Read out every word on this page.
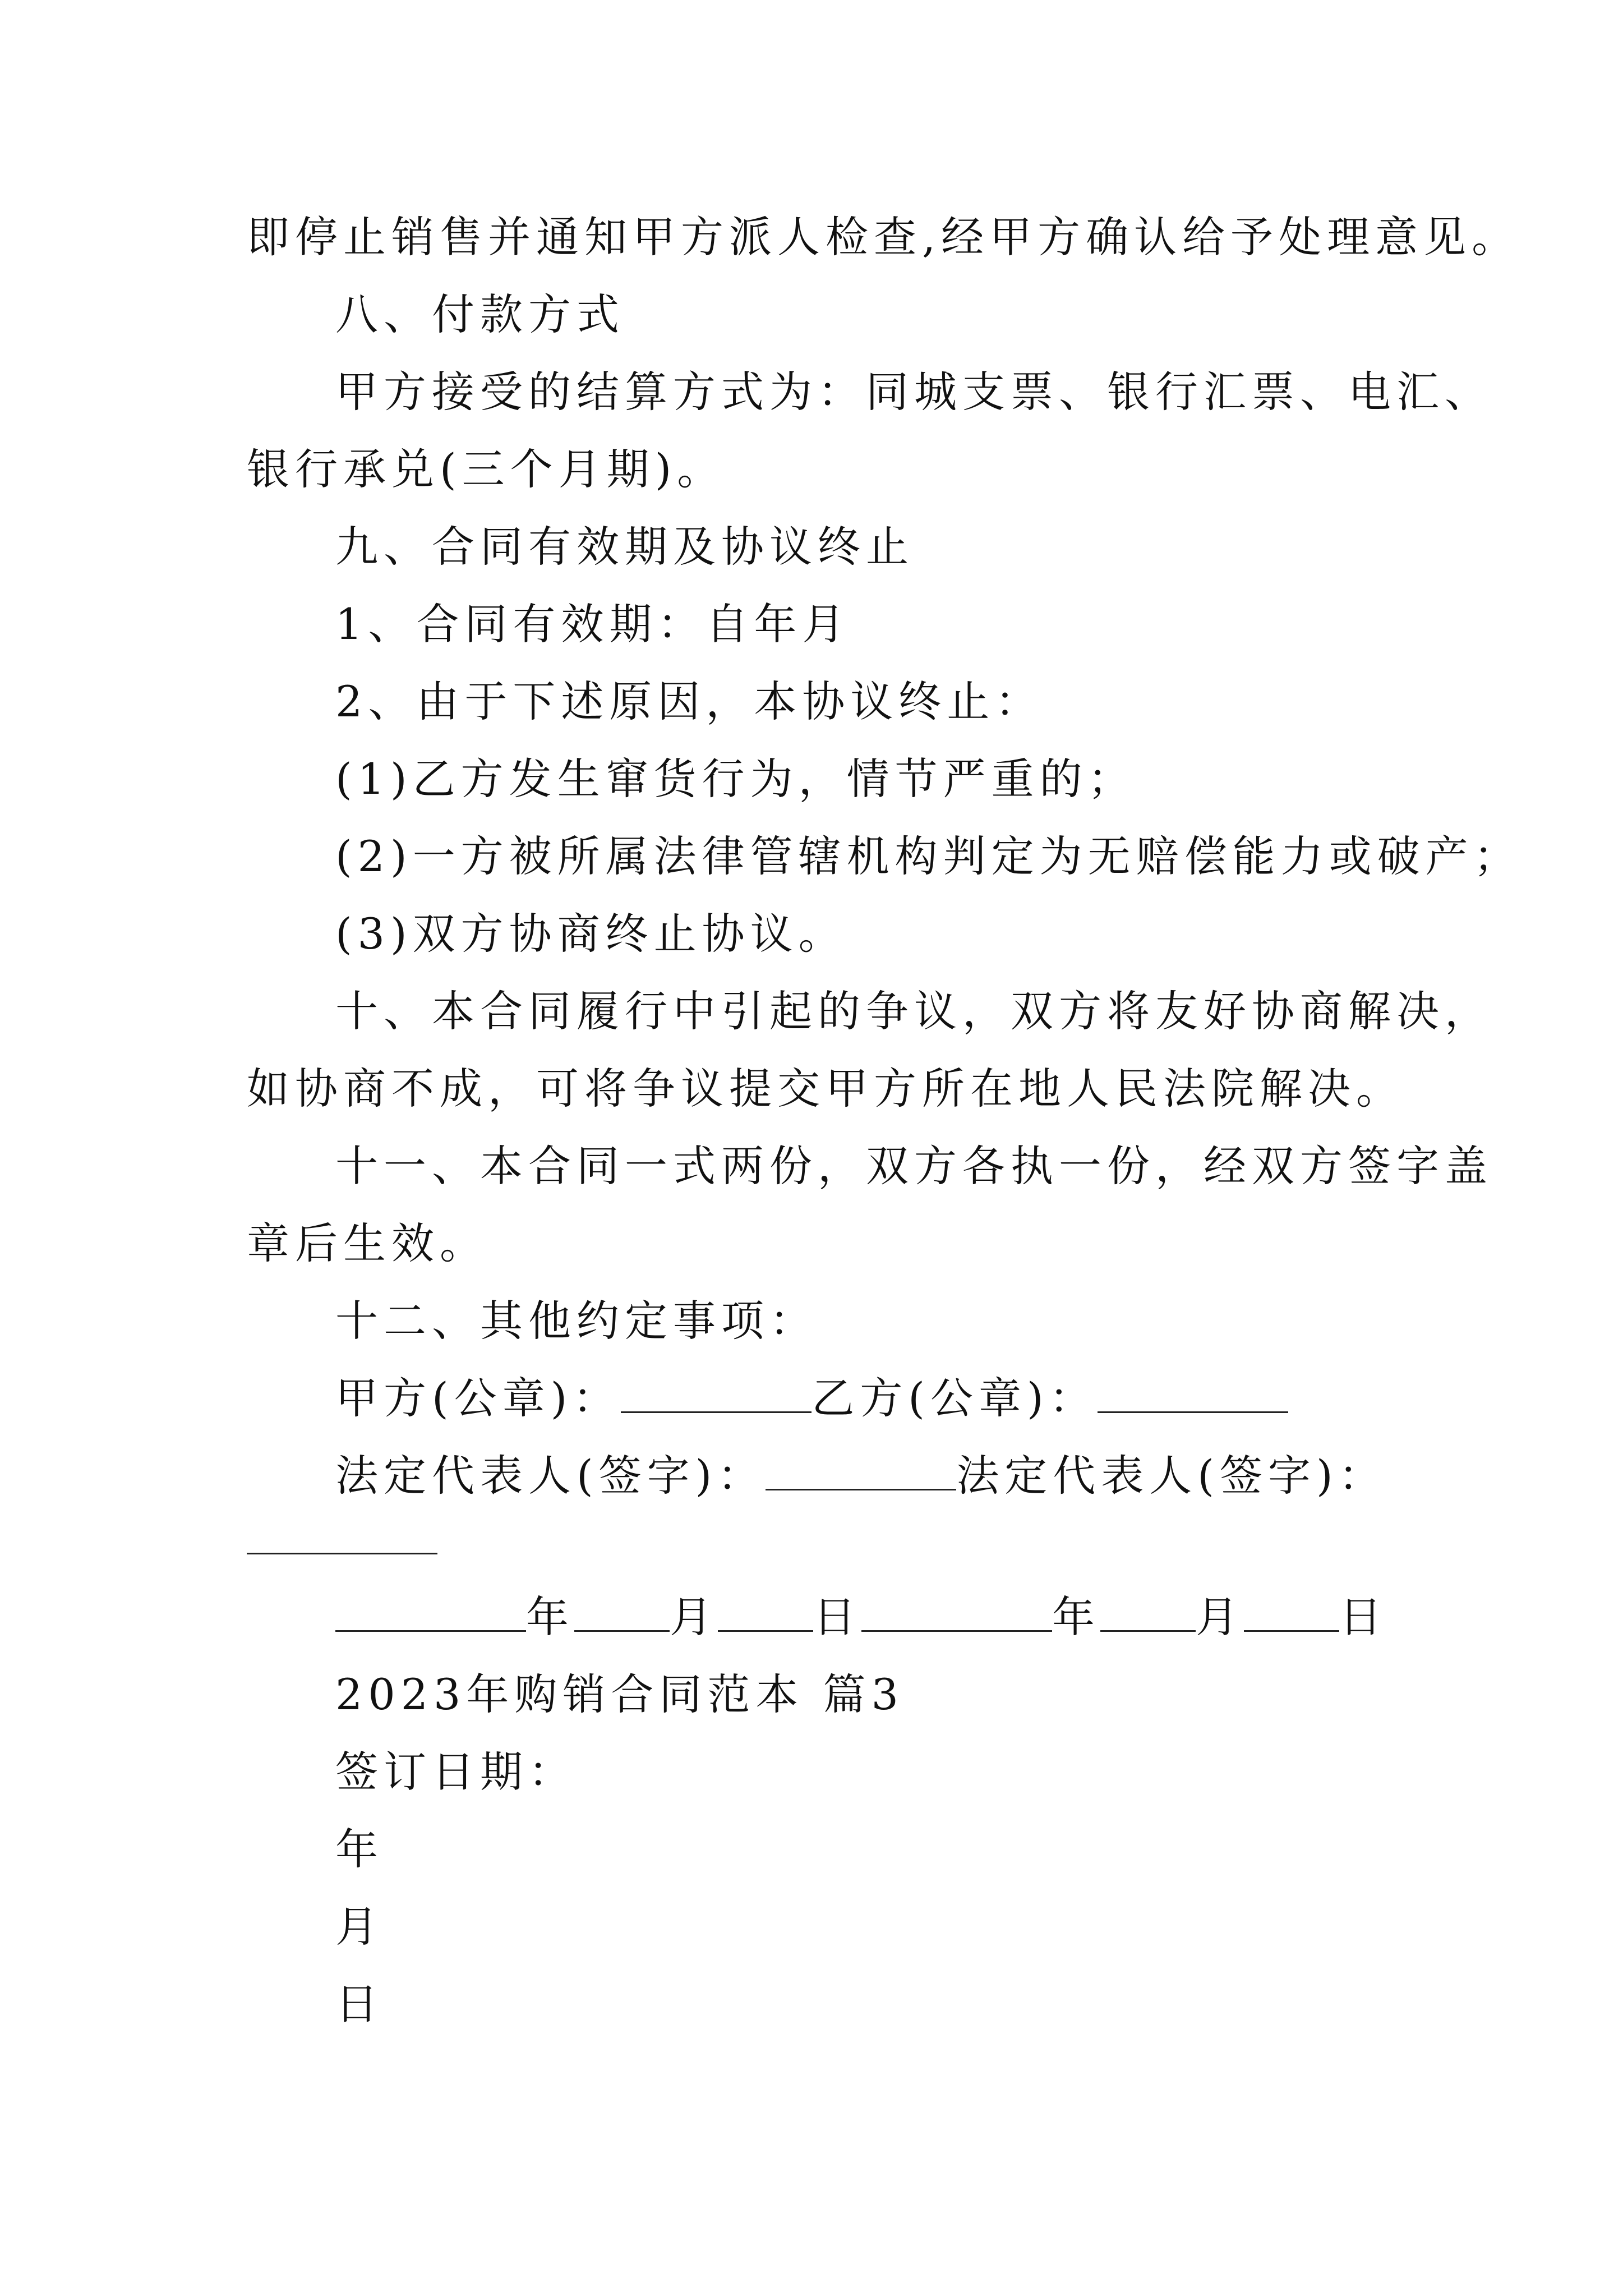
即停止销售并通知甲方派人检查,经甲方确认给予处理意见。
八、付款方式
甲方接受的结算方式为：同城支票、银行汇票、电汇、
银行承兑(三个月期)。
九、合同有效期及协议终止
1、合同有效期：自年月
2、由于下述原因，本协议终止：
(1)乙方发生窜货行为，情节严重的；
(2)一方被所属法律管辖机构判定为无赔偿能力或破产；
(3)双方协商终止协议。
十、本合同履行中引起的争议，双方将友好协商解决，
如协商不成，可将争议提交甲方所在地人民法院解决。
十一、本合同一式两份，双方各执一份，经双方签字盖
章后生效。
十二、其他约定事项：
甲方(公章)：	乙方(公章)：
法定代表人(签字)：	法定代表人(签字)：
年 月 日	年 月 日
2023年购销合同范本 篇3
签订日期：
年
月
日
